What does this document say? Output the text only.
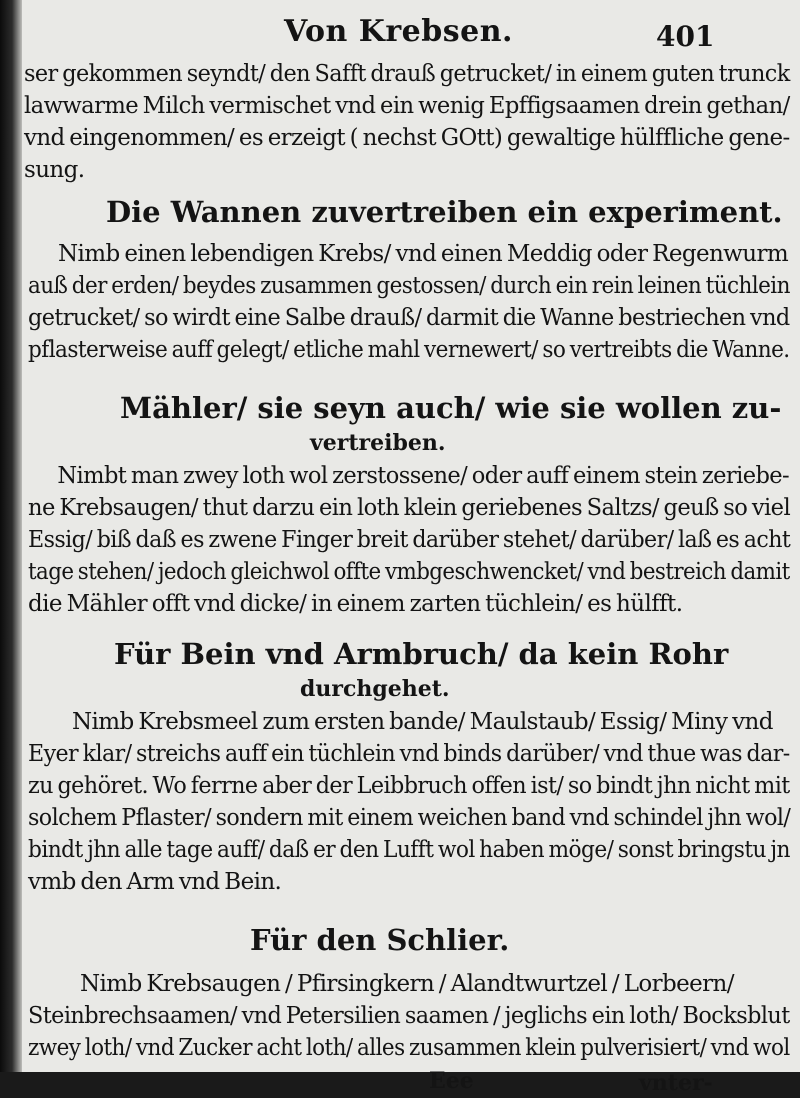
Von Krebsen.	401
ser gekommen seyndt/ den Safft drauß getrucket/ in einem guten trunck
lawwarme Milch vermischet vnd ein wenig Epffigsaamen drein gethan/
vnd eingenommen/ es erzeigt ( nechst GOtt) gewaltige hülffliche gene-
sung.
Die Wannen zuvertreiben ein experiment.
Nimb einen lebendigen Krebs/ vnd einen Meddig oder Regenwurm
auß der erden/ beydes zusammen gestossen/ durch ein rein leinen tüchlein
getrucket/ so wirdt eine Salbe drauß/ darmit die Wanne bestriechen vnd
pflasterweise auff gelegt/ etliche mahl vernewert/ so vertreibts die Wanne.
Mähler/ sie seyn auch/ wie sie wollen zu-
vertreiben.
Nimbt man zwey loth wol zerstossene/ oder auff einem stein zeriebe-
ne Krebsaugen/ thut darzu ein loth klein geriebenes Saltzs/ geuß so viel
Essig/ biß daß es zwene Finger breit darüber stehet/ darüber/ laß es acht
tage stehen/ jedoch gleichwol offte vmbgeschwencket/ vnd bestreich damit
die Mähler offt vnd dicke/ in einem zarten tüchlein/ es hülfft.
Für Bein vnd Armbruch/ da kein Rohr
durchgehet.
Nimb Krebsmeel zum ersten bande/ Maulstaub/ Essig/ Miny vnd
Eyer klar/ streichs auff ein tüchlein vnd binds darüber/ vnd thue was dar-
zu gehöret. Wo ferrne aber der Leibbruch offen ist/ so bindt jhn nicht mit
solchem Pflaster/ sondern mit einem weichen band vnd schindel jhn wol/
bindt jhn alle tage auff/ daß er den Lufft wol haben möge/ sonst bringstu jn
vmb den Arm vnd Bein.
Für den Schlier.
Nimb Krebsaugen / Pfirsingkern / Alandtwurtzel / Lorbeern/
Steinbrechsaamen/ vnd Petersilien saamen / jeglichs ein loth/ Bocksblut
zwey loth/ vnd Zucker acht loth/ alles zusammen klein pulverisiert/ vnd wol
Eee	vnter-
